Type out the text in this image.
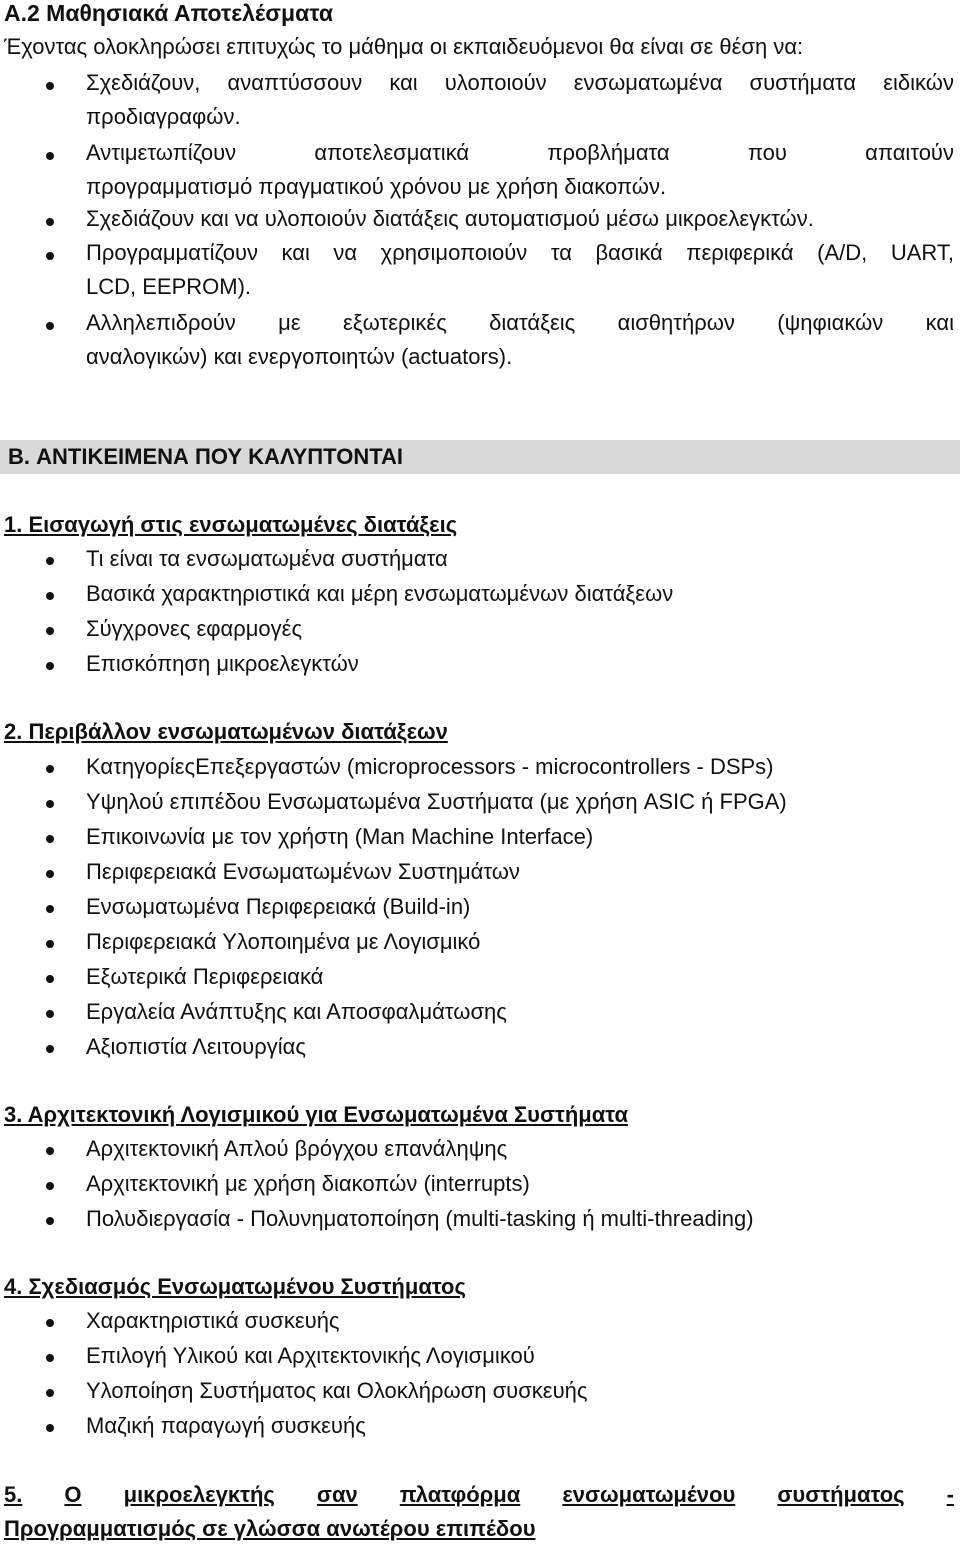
A.2 Μαθησιακά Αποτελέσματα
Έχοντας ολοκληρώσει επιτυχώς το μάθημα οι εκπαιδευόμενοι θα είναι σε θέση να:
Σχεδιάζουν, αναπτύσσουν και υλοποιούν ενσωματωμένα συστήματα ειδικών
προδιαγραφών.
Αντιμετωπίζουν	αποτελεσματικά	προβλήματα	που	απαιτούν
προγραμματισμό πραγματικού χρόνου με χρήση διακοπών.
Σχεδιάζουν και να υλοποιούν διατάξεις αυτοματισμού μέσω μικροελεγκτών.
Προγραμματίζουν και να χρησιμοποιούν τα βασικά περιφερικά (A/D, UART,
LCD, EEPROM).
Αλληλεπιδρούν με εξωτερικές διατάξεις αισθητήρων (ψηφιακών και
αναλογικών) και ενεργοποιητών (actuators).
B. ΑΝΤΙΚΕΙΜΕΝΑ ΠΟΥ ΚΑΛΥΠΤΟΝΤΑΙ
1. Εισαγωγή στις ενσωματωμένες διατάξεις
Τι είναι τα ενσωματωμένα συστήματα
Βασικά χαρακτηριστικά και μέρη ενσωματωμένων διατάξεων
Σύγχρονες εφαρμογές
Επισκόπηση μικροελεγκτών
2. Περιβάλλον ενσωματωμένων διατάξεων
ΚατηγορίεςΕπεξεργαστών (microprocessors - microcontrollers - DSPs)
Υψηλού επιπέδου Ενσωματωμένα Συστήματα (με χρήση ASIC ή FPGA)
Επικοινωνία με τον χρήστη (Man Machine Interface)
Περιφερειακά Ενσωματωμένων Συστημάτων
Ενσωματωμένα Περιφερειακά (Build-in)
Περιφερειακά Υλοποιημένα με Λογισμικό
Εξωτερικά Περιφερειακά
Εργαλεία Ανάπτυξης και Αποσφαλμάτωσης
Αξιοπιστία Λειτουργίας
3. Αρχιτεκτονική Λογισμικού για Ενσωματωμένα Συστήματα
Αρχιτεκτονική Απλού βρόγχου επανάληψης
Αρχιτεκτονική με χρήση διακοπών (interrupts)
Πολυδιεργασία - Πολυνηματοποίηση (multi-tasking ή multi-threading)
4. Σχεδιασμός Ενσωματωμένου Συστήματος
Χαρακτηριστικά συσκευής
Επιλογή Υλικού και Αρχιτεκτονικής Λογισμικού
Υλοποίηση Συστήματος και Ολοκλήρωση συσκευής
Μαζική παραγωγή συσκευής
5. Ο μικροελεγκτής σαν πλατφόρμα ενσωματωμένου συστήματος -
Προγραμματισμός σε γλώσσα ανωτέρου επιπέδου
